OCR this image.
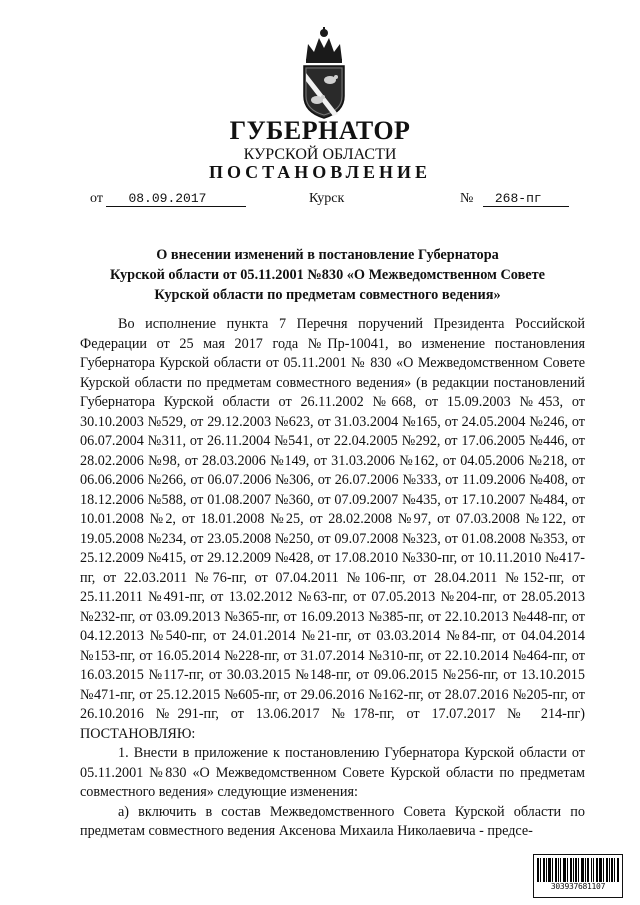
ГУБЕРНАТОР
КУРСКОЙ ОБЛАСТИ
ПОСТАНОВЛЕНИЕ
от 08.09.2017	Курск	№ 268-пг
О внесении изменений в постановление Губернатора
Курской области от 05.11.2001 №830 «О Межведомственном Совете
Курской области по предметам совместного ведения»

Во исполнение пункта 7 Перечня поручений Президента Российской Федерации от 25 мая 2017 года №Пр-10041, во изменение постановления Губернатора Курской области от 05.11.2001 № 830 «О Межведомственном Совете Курской области по предметам совместного ведения» (в редакции постановлений Губернатора Курской области от 26.11.2002 №668, от 15.09.2003 №453, от 30.10.2003 №529, от 29.12.2003 №623, от 31.03.2004 №165, от 24.05.2004 №246, от 06.07.2004 №311, от 26.11.2004 №541, от 22.04.2005 №292, от 17.06.2005 №446, от 28.02.2006 №98, от 28.03.2006 №149, от 31.03.2006 №162, от 04.05.2006 №218, от 06.06.2006 №266, от 06.07.2006 №306, от 26.07.2006 №333, от 11.09.2006 №408, от 18.12.2006 №588, от 01.08.2007 №360, от 07.09.2007 №435, от 17.10.2007 №484, от 10.01.2008 №2, от 18.01.2008 №25, от 28.02.2008 №97, от 07.03.2008 №122, от 19.05.2008 №234, от 23.05.2008 №250, от 09.07.2008 №323, от 01.08.2008 №353, от 25.12.2009 №415, от 29.12.2009 №428, от 17.08.2010 №330-пг, от 10.11.2010 №417-пг, от 22.03.2011 №76-пг, от 07.04.2011 №106-пг, от 28.04.2011 №152-пг, от 25.11.2011 №491-пг, от 13.02.2012 №63-пг, от 07.05.2013 №204-пг, от 28.05.2013 №232-пг, от 03.09.2013 №365-пг, от 16.09.2013 №385-пг, от 22.10.2013 №448-пг, от 04.12.2013 №540-пг, от 24.01.2014 №21-пг, от 03.03.2014 №84-пг, от 04.04.2014 №153-пг, от 16.05.2014 №228-пг, от 31.07.2014 №310-пг, от 22.10.2014 №464-пг, от 16.03.2015 №117-пг, от 30.03.2015 №148-пг, от 09.06.2015 №256-пг, от 13.10.2015 №471-пг, от 25.12.2015 №605-пг, от 29.06.2016 №162-пг, от 28.07.2016 №205-пг, от 26.10.2016 №291-пг, от 13.06.2017 №178-пг, от 17.07.2017 № 214-пг) ПОСТАНОВЛЯЮ:

1. Внести в приложение к постановлению Губернатора Курской области от 05.11.2001 №830 «О Межведомственном Совете Курской области по предметам совместного ведения» следующие изменения:

а) включить в состав Межведомственного Совета Курской области по предметам совместного ведения Аксенова Михаила Николаевича - предсе-

303937681107
